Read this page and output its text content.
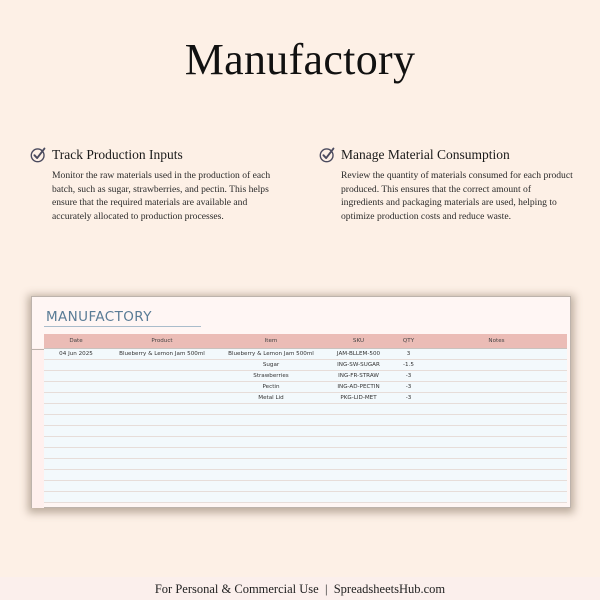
Manufactory
Track Production Inputs

Monitor the raw materials used in the production of each batch, such as sugar, strawberries, and pectin. This helps ensure that the required materials are available and accurately allocated to production processes.

Manage Material Consumption

Review the quantity of materials consumed for each product produced. This ensures that the correct amount of ingredients and packaging materials are used, helping to optimize production costs and reduce waste.

MANUFACTORY
Date	Product	Item	SKU	QTY	Notes
04 Jun 2025	Blueberry & Lemon Jam 500ml	Blueberry & Lemon Jam 500ml	JAM-BLLEM-500	3	
		Sugar	ING-SW-SUGAR	-1.5	
		Strawberries	ING-FR-STRAW	-3	
		Pectin	ING-AD-PECTIN	-3	
		Metal Lid	PKG-LID-MET	-3	

For Personal & Commercial Use  |  SpreadsheetsHub.com
